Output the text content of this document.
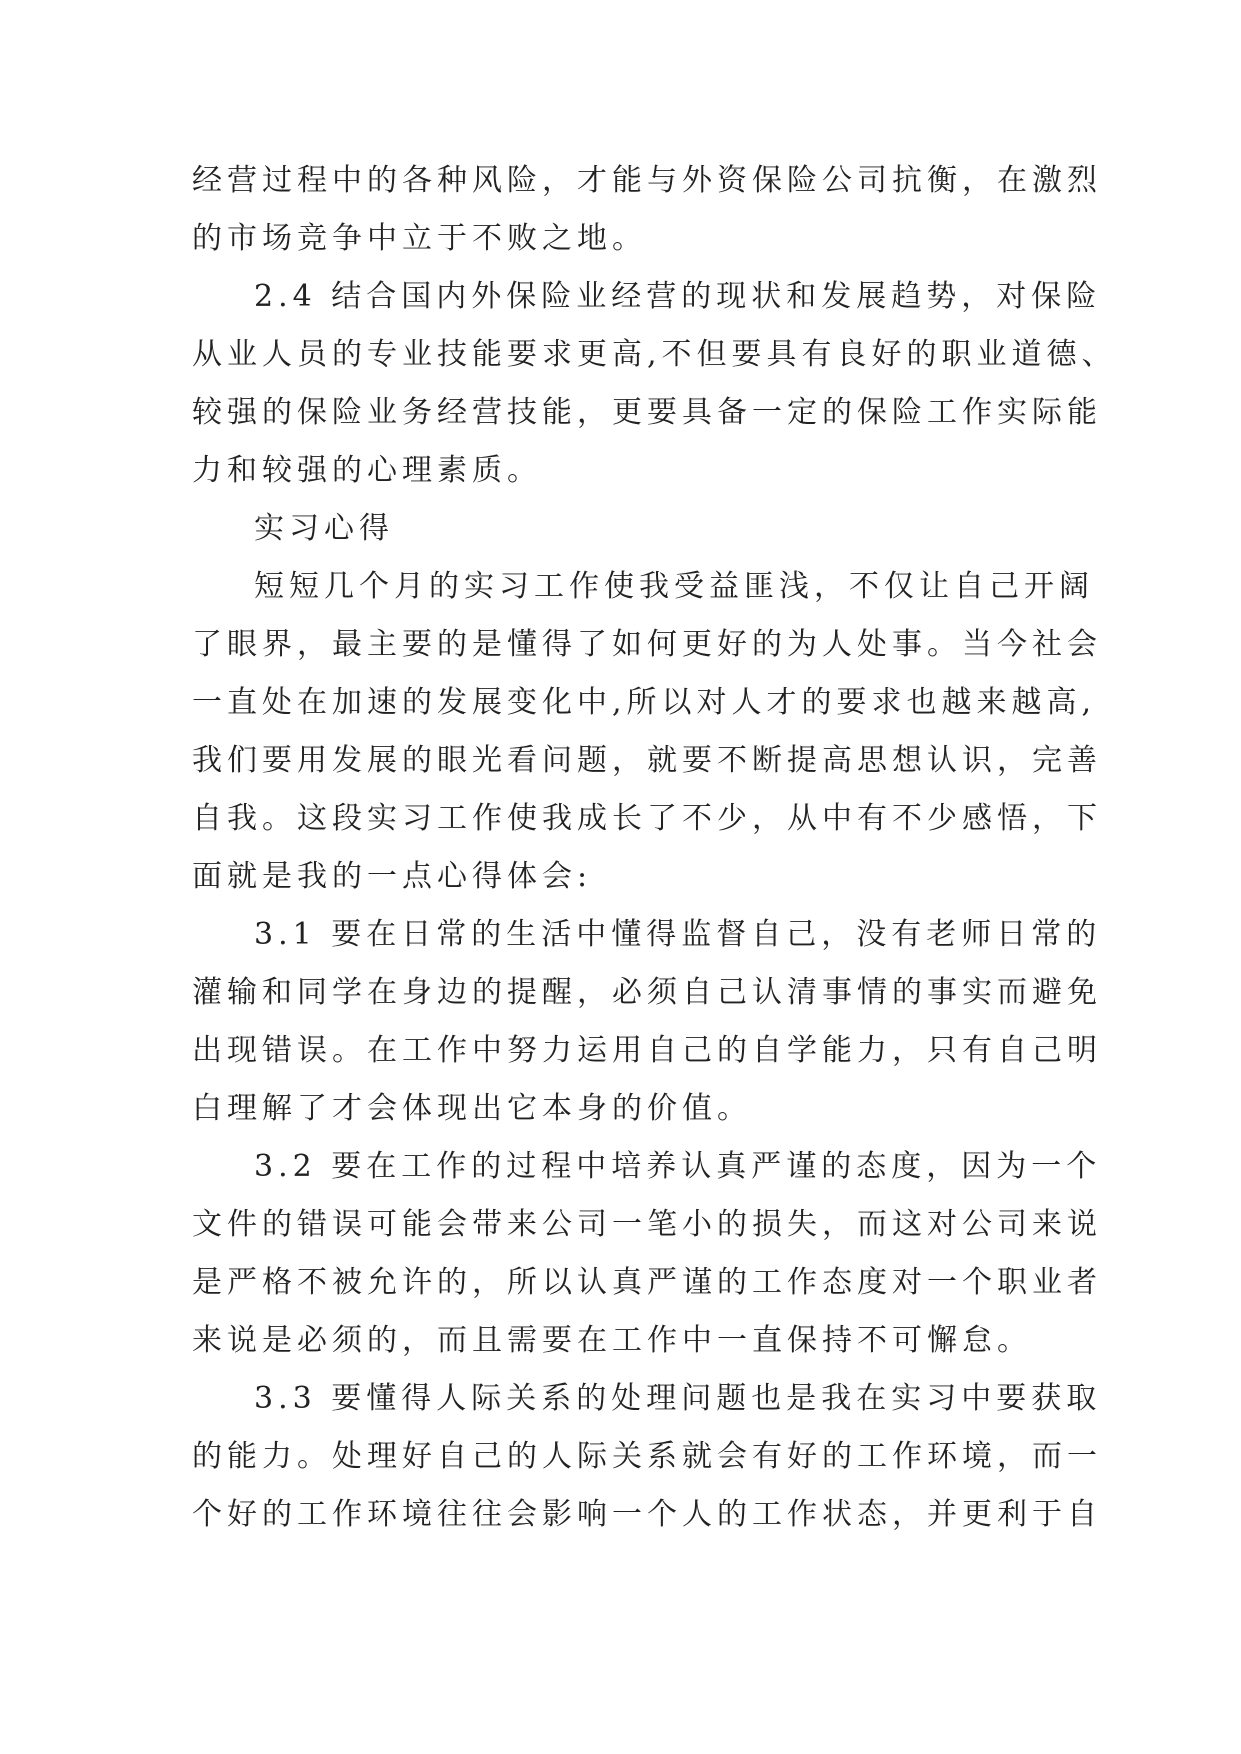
经营过程中的各种风险，才能与外资保险公司抗衡，在激烈
的市场竞争中立于不败之地。
2.4 结合国内外保险业经营的现状和发展趋势，对保险
从业人员的专业技能要求更高,不但要具有良好的职业道德、
较强的保险业务经营技能，更要具备一定的保险工作实际能
力和较强的心理素质。
实习心得
短短几个月的实习工作使我受益匪浅，不仅让自己开阔
了眼界，最主要的是懂得了如何更好的为人处事。当今社会
一直处在加速的发展变化中,所以对人才的要求也越来越高,
我们要用发展的眼光看问题，就要不断提高思想认识，完善
自我。这段实习工作使我成长了不少，从中有不少感悟，下
面就是我的一点心得体会:
3.1 要在日常的生活中懂得监督自己，没有老师日常的
灌输和同学在身边的提醒，必须自己认清事情的事实而避免
出现错误。在工作中努力运用自己的自学能力，只有自己明
白理解了才会体现出它本身的价值。
3.2 要在工作的过程中培养认真严谨的态度，因为一个
文件的错误可能会带来公司一笔小的损失，而这对公司来说
是严格不被允许的，所以认真严谨的工作态度对一个职业者
来说是必须的，而且需要在工作中一直保持不可懈怠。
3.3 要懂得人际关系的处理问题也是我在实习中要获取
的能力。处理好自己的人际关系就会有好的工作环境，而一
个好的工作环境往往会影响一个人的工作状态，并更利于自
